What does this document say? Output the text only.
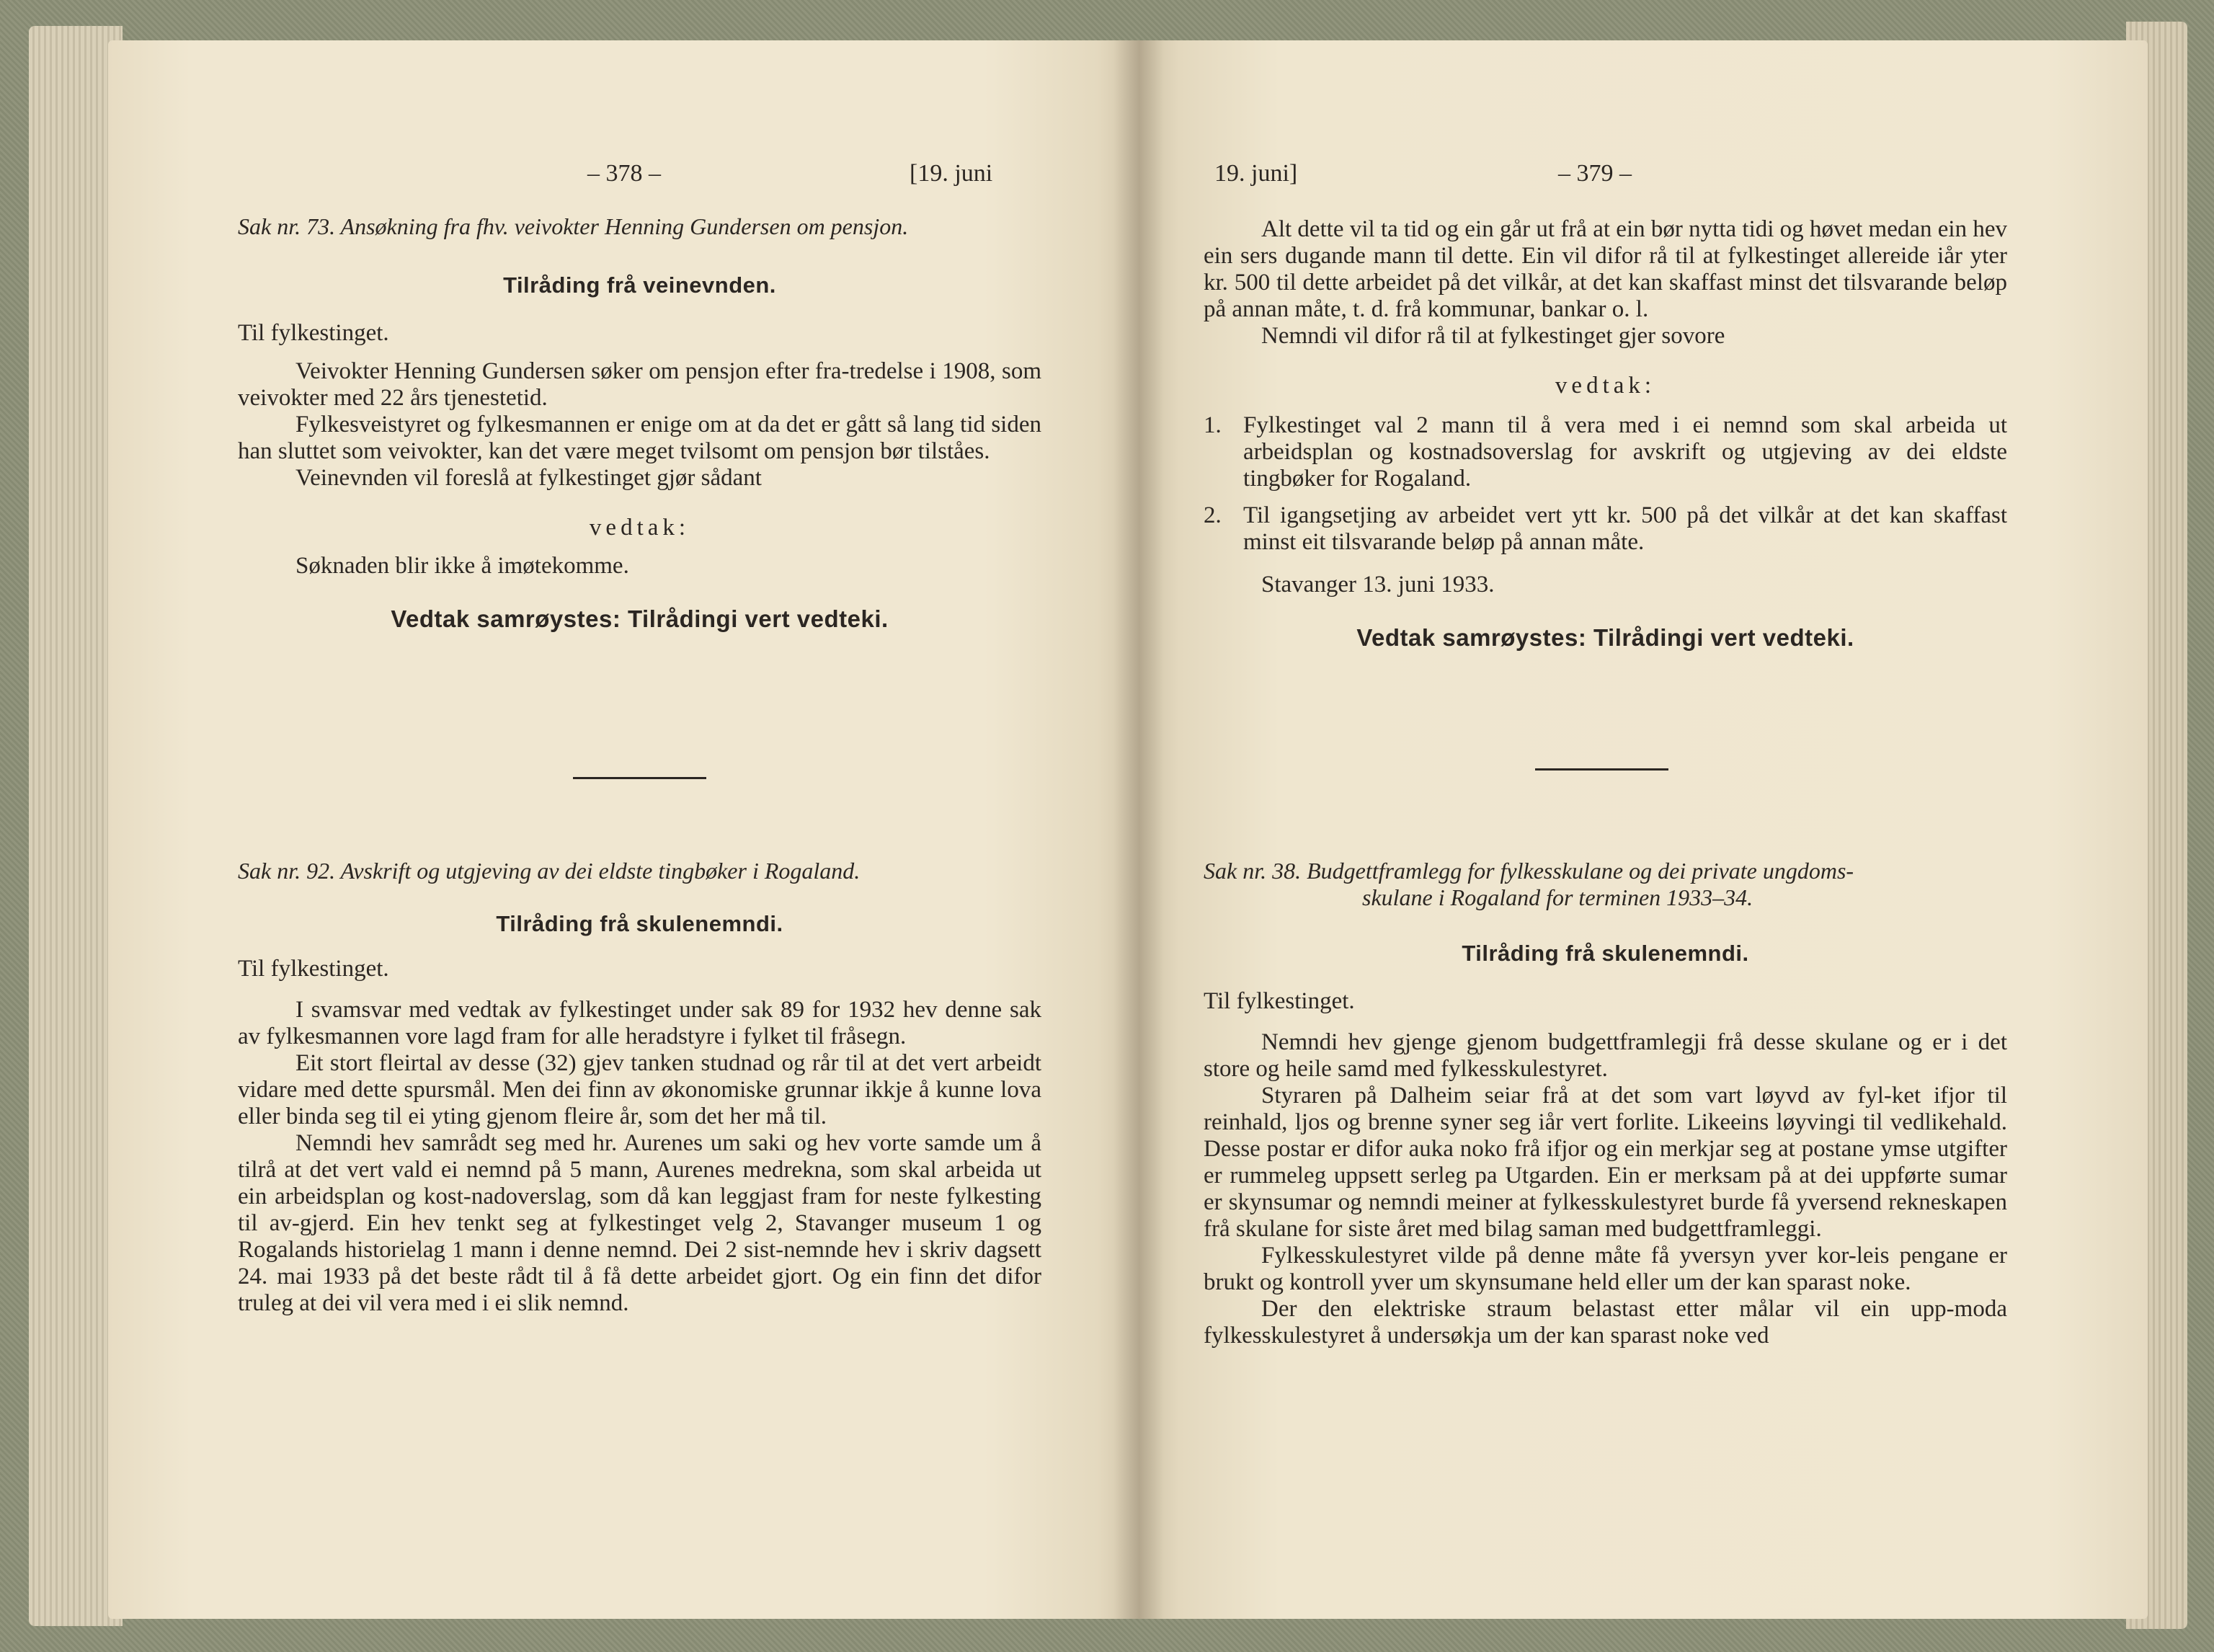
– 378 –	[19. juni

Sak nr. 73. Ansøkning fra fhv. veivokter Henning Gundersen om pensjon.

Tilråding frå veinevnden.

Til fylkestinget.

Veivokter Henning Gundersen søker om pensjon efter fra-tredelse i 1908, som veivokter med 22 års tjenestetid.

Fylkesveistyret og fylkesmannen er enige om at da det er gått så lang tid siden han sluttet som veivokter, kan det være meget tvilsomt om pensjon bør tilståes.

Veinevnden vil foreslå at fylkestinget gjør sådant

vedtak:

Søknaden blir ikke å imøtekomme.

Vedtak samrøystes: Tilrådingi vert vedteki.

Sak nr. 92. Avskrift og utgjeving av dei eldste tingbøker i Rogaland.

Tilråding frå skulenemndi.

Til fylkestinget.

I svamsvar med vedtak av fylkestinget under sak 89 for 1932 hev denne sak av fylkesmannen vore lagd fram for alle heradstyre i fylket til fråsegn.

Eit stort fleirtal av desse (32) gjev tanken studnad og rår til at det vert arbeidt vidare med dette spursmål. Men dei finn av økonomiske grunnar ikkje å kunne lova eller binda seg til ei yting gjenom fleire år, som det her må til.

Nemndi hev samrådt seg med hr. Aurenes um saki og hev vorte samde um å tilrå at det vert vald ei nemnd på 5 mann, Aurenes medrekna, som skal arbeida ut ein arbeidsplan og kost-nadoverslag, som då kan leggjast fram for neste fylkesting til av-gjerd. Ein hev tenkt seg at fylkestinget velg 2, Stavanger museum 1 og Rogalands historielag 1 mann i denne nemnd. Dei 2 sist-nemnde hev i skriv dagsett 24. mai 1933 på det beste rådt til å få dette arbeidet gjort. Og ein finn det difor truleg at dei vil vera med i ei slik nemnd.

19. juni]	– 379 –

Alt dette vil ta tid og ein går ut frå at ein bør nytta tidi og høvet medan ein hev ein sers dugande mann til dette. Ein vil difor rå til at fylkestinget allereide iår yter kr. 500 til dette arbeidet på det vilkår, at det kan skaffast minst det tilsvarande beløp på annan måte, t. d. frå kommunar, bankar o. l.

Nemndi vil difor rå til at fylkestinget gjer sovore

vedtak:

1. Fylkestinget val 2 mann til å vera med i ei nemnd som skal arbeida ut arbeidsplan og kostnadsoverslag for avskrift og utgjeving av dei eldste tingbøker for Rogaland.
2. Til igangsetjing av arbeidet vert ytt kr. 500 på det vilkår at det kan skaffast minst eit tilsvarande beløp på annan måte.

Stavanger 13. juni 1933.

Vedtak samrøystes: Tilrådingi vert vedteki.

Sak nr. 38. Budgettframlegg for fylkesskulane og dei private ungdoms-

skulane i Rogaland for terminen 1933–34.

Tilråding frå skulenemndi.

Til fylkestinget.

Nemndi hev gjenge gjenom budgettframlegji frå desse skulane og er i det store og heile samd med fylkesskulestyret.

Styraren på Dalheim seiar frå at det som vart løyvd av fyl-ket ifjor til reinhald, ljos og brenne syner seg iår vert forlite. Likeeins løyvingi til vedlikehald. Desse postar er difor auka noko frå ifjor og ein merkjar seg at postane ymse utgifter er rummeleg uppsett serleg pa Utgarden. Ein er merksam på at dei uppførte sumar er skynsumar og nemndi meiner at fylkesskulestyret burde få yversend rekneskapen frå skulane for siste året med bilag saman med budgettframleggi.

Fylkesskulestyret vilde på denne måte få yversyn yver kor-leis pengane er brukt og kontroll yver um skynsumane held eller um der kan sparast noke.

Der den elektriske straum belastast etter målar vil ein upp-moda fylkesskulestyret å undersøkja um der kan sparast noke ved
